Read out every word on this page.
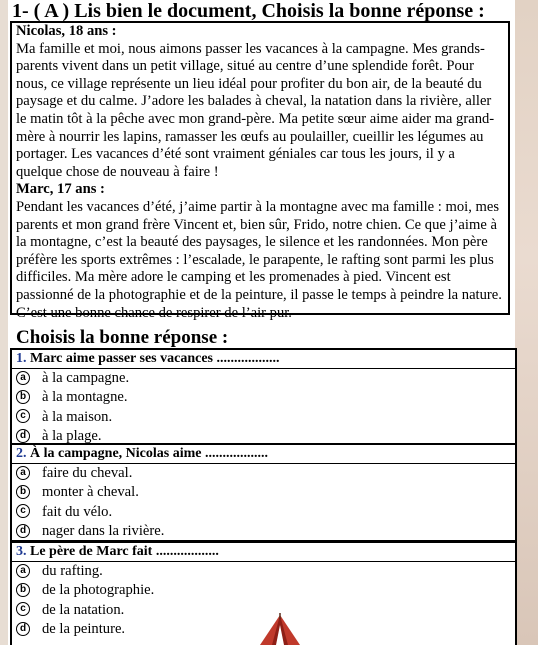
1- ( A ) Lis bien le document, Choisis la bonne réponse :

Nicolas, 18 ans :
Ma famille et moi, nous aimons passer les vacances à la campagne. Mes grands-parents vivent dans un petit village, situé au centre d’une splendide forêt. Pour nous, ce village représente un lieu idéal pour profiter du bon air, de la beauté du paysage et du calme. J’adore les balades à cheval, la natation dans la rivière, aller le matin tôt à la pêche avec mon grand-père. Ma petite sœur aime aider ma grand-mère à nourrir les lapins, ramasser les œufs au poulailler, cueillir les légumes au portager. Les vacances d’été sont vraiment géniales car tous les jours, il y a quelque chose de nouveau à faire !

Marc, 17 ans :
Pendant les vacances d’été, j’aime partir à la montagne avec ma famille : moi, mes parents et mon grand frère Vincent et, bien sûr, Frido, notre chien. Ce que j’aime à la montagne, c’est la beauté des paysages, le silence et les randonnées. Mon père préfère les sports extrêmes : l’escalade, le parapente, le rafting sont parmi les plus difficiles. Ma mère adore le camping et les promenades à pied. Vincent est passionné de la photographie et de la peinture, il passe le temps à peindre la nature. C’est une bonne chance de respirer de l’air pur.

Choisis la bonne réponse :
1. Marc aime passer ses vacances ..................
a à la campagne.
b à la montagne.
c à la maison.
d à la plage.
2. À la campagne, Nicolas aime ..................
a faire du cheval.
b monter à cheval.
c fait du vélo.
d nager dans la rivière.
3. Le père de Marc fait ..................
a du rafting.
b de la photographie.
c de la natation.
d de la peinture.
